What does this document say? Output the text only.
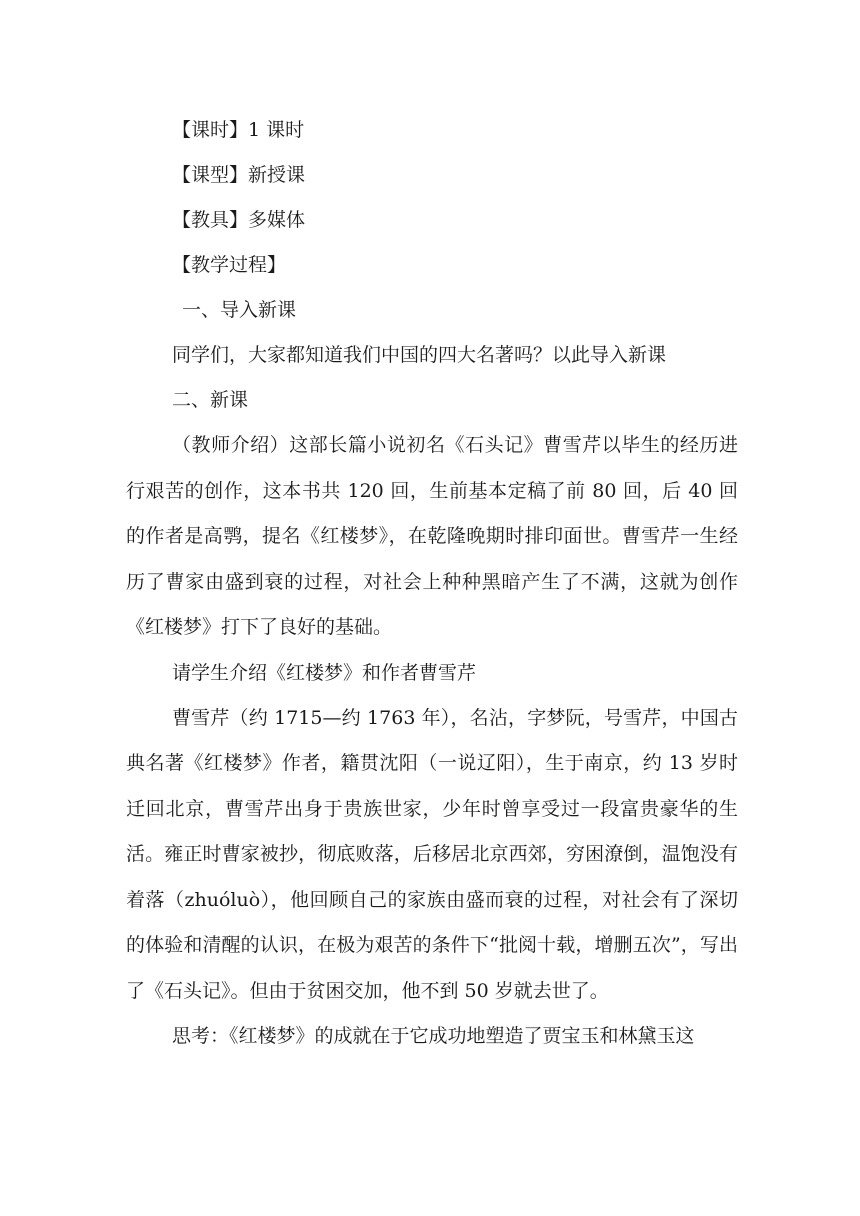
【课时】1 课时
【课型】新授课
【教具】多媒体
【教学过程】
一、导入新课
同学们，大家都知道我们中国的四大名著吗？以此导入新课
二、新课

（教师介绍）这部长篇小说初名《石头记》曹雪芹以毕生的经历进行艰苦的创作，这本书共 120 回，生前基本定稿了前 80 回，后 40 回的作者是高鹗，提名《红楼梦》，在乾隆晚期时排印面世。曹雪芹一生经历了曹家由盛到衰的过程，对社会上种种黑暗产生了不满，这就为创作《红楼梦》打下了良好的基础。

请学生介绍《红楼梦》和作者曹雪芹

曹雪芹（约 1715—约 1763 年），名沾，字梦阮，号雪芹，中国古典名著《红楼梦》作者，籍贯沈阳（一说辽阳），生于南京，约 13 岁时迁回北京，曹雪芹出身于贵族世家，少年时曾享受过一段富贵豪华的生活。雍正时曹家被抄，彻底败落，后移居北京西郊，穷困潦倒，温饱没有着落（zhuóluò），他回顾自己的家族由盛而衰的过程，对社会有了深切的体验和清醒的认识，在极为艰苦的条件下“批阅十载，增删五次”，写出了《石头记》。但由于贫困交加，他不到 50 岁就去世了。

思考：《红楼梦》的成就在于它成功地塑造了贾宝玉和林黛玉这
